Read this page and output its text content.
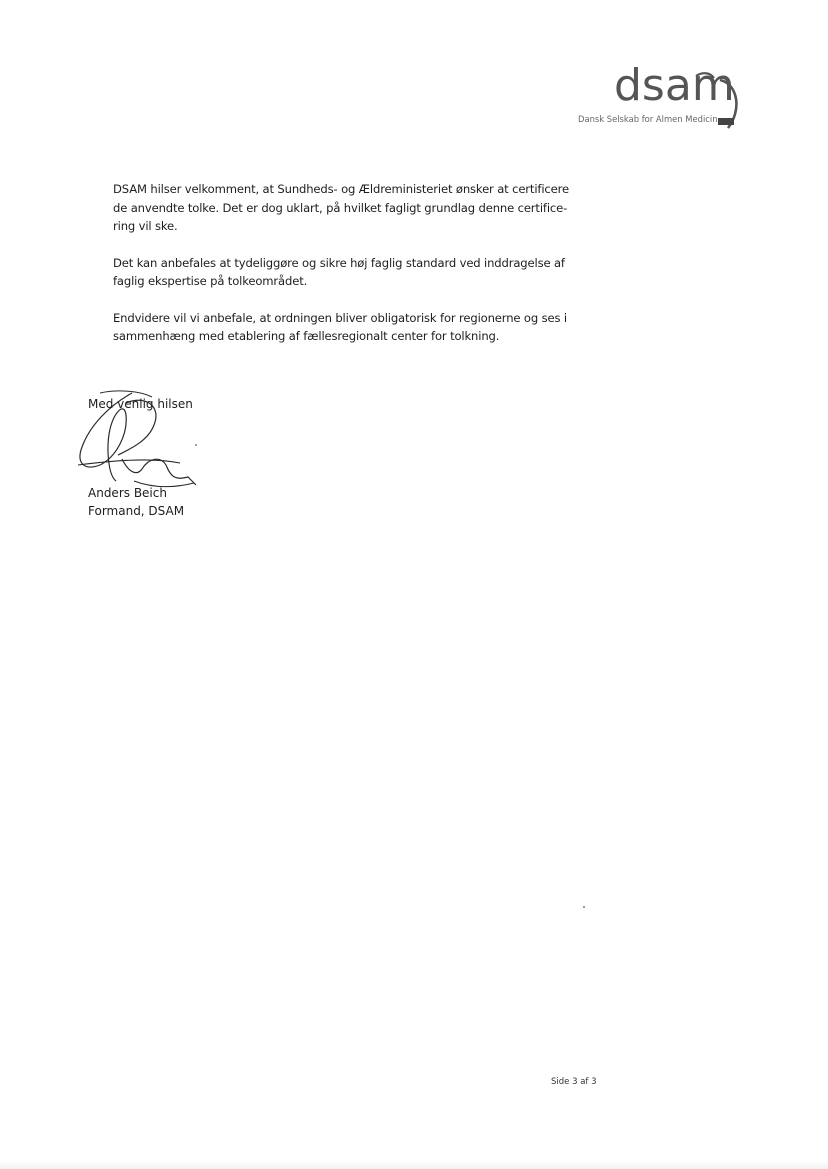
dsam
Dansk Selskab for Almen Medicin

DSAM hilser velkomment, at Sundheds- og Ældreministeriet ønsker at certificere
de anvendte tolke. Det er dog uklart, på hvilket fagligt grundlag denne certifice-
ring vil ske.

Det kan anbefales at tydeliggøre og sikre høj faglig standard ved inddragelse af
faglig ekspertise på tolkeområdet.

Endvidere vil vi anbefale, at ordningen bliver obligatorisk for regionerne og ses i
sammenhæng med etablering af fællesregionalt center for tolkning.

Med venlig hilsen
Anders Beich
Formand, DSAM
Side 3 af 3
